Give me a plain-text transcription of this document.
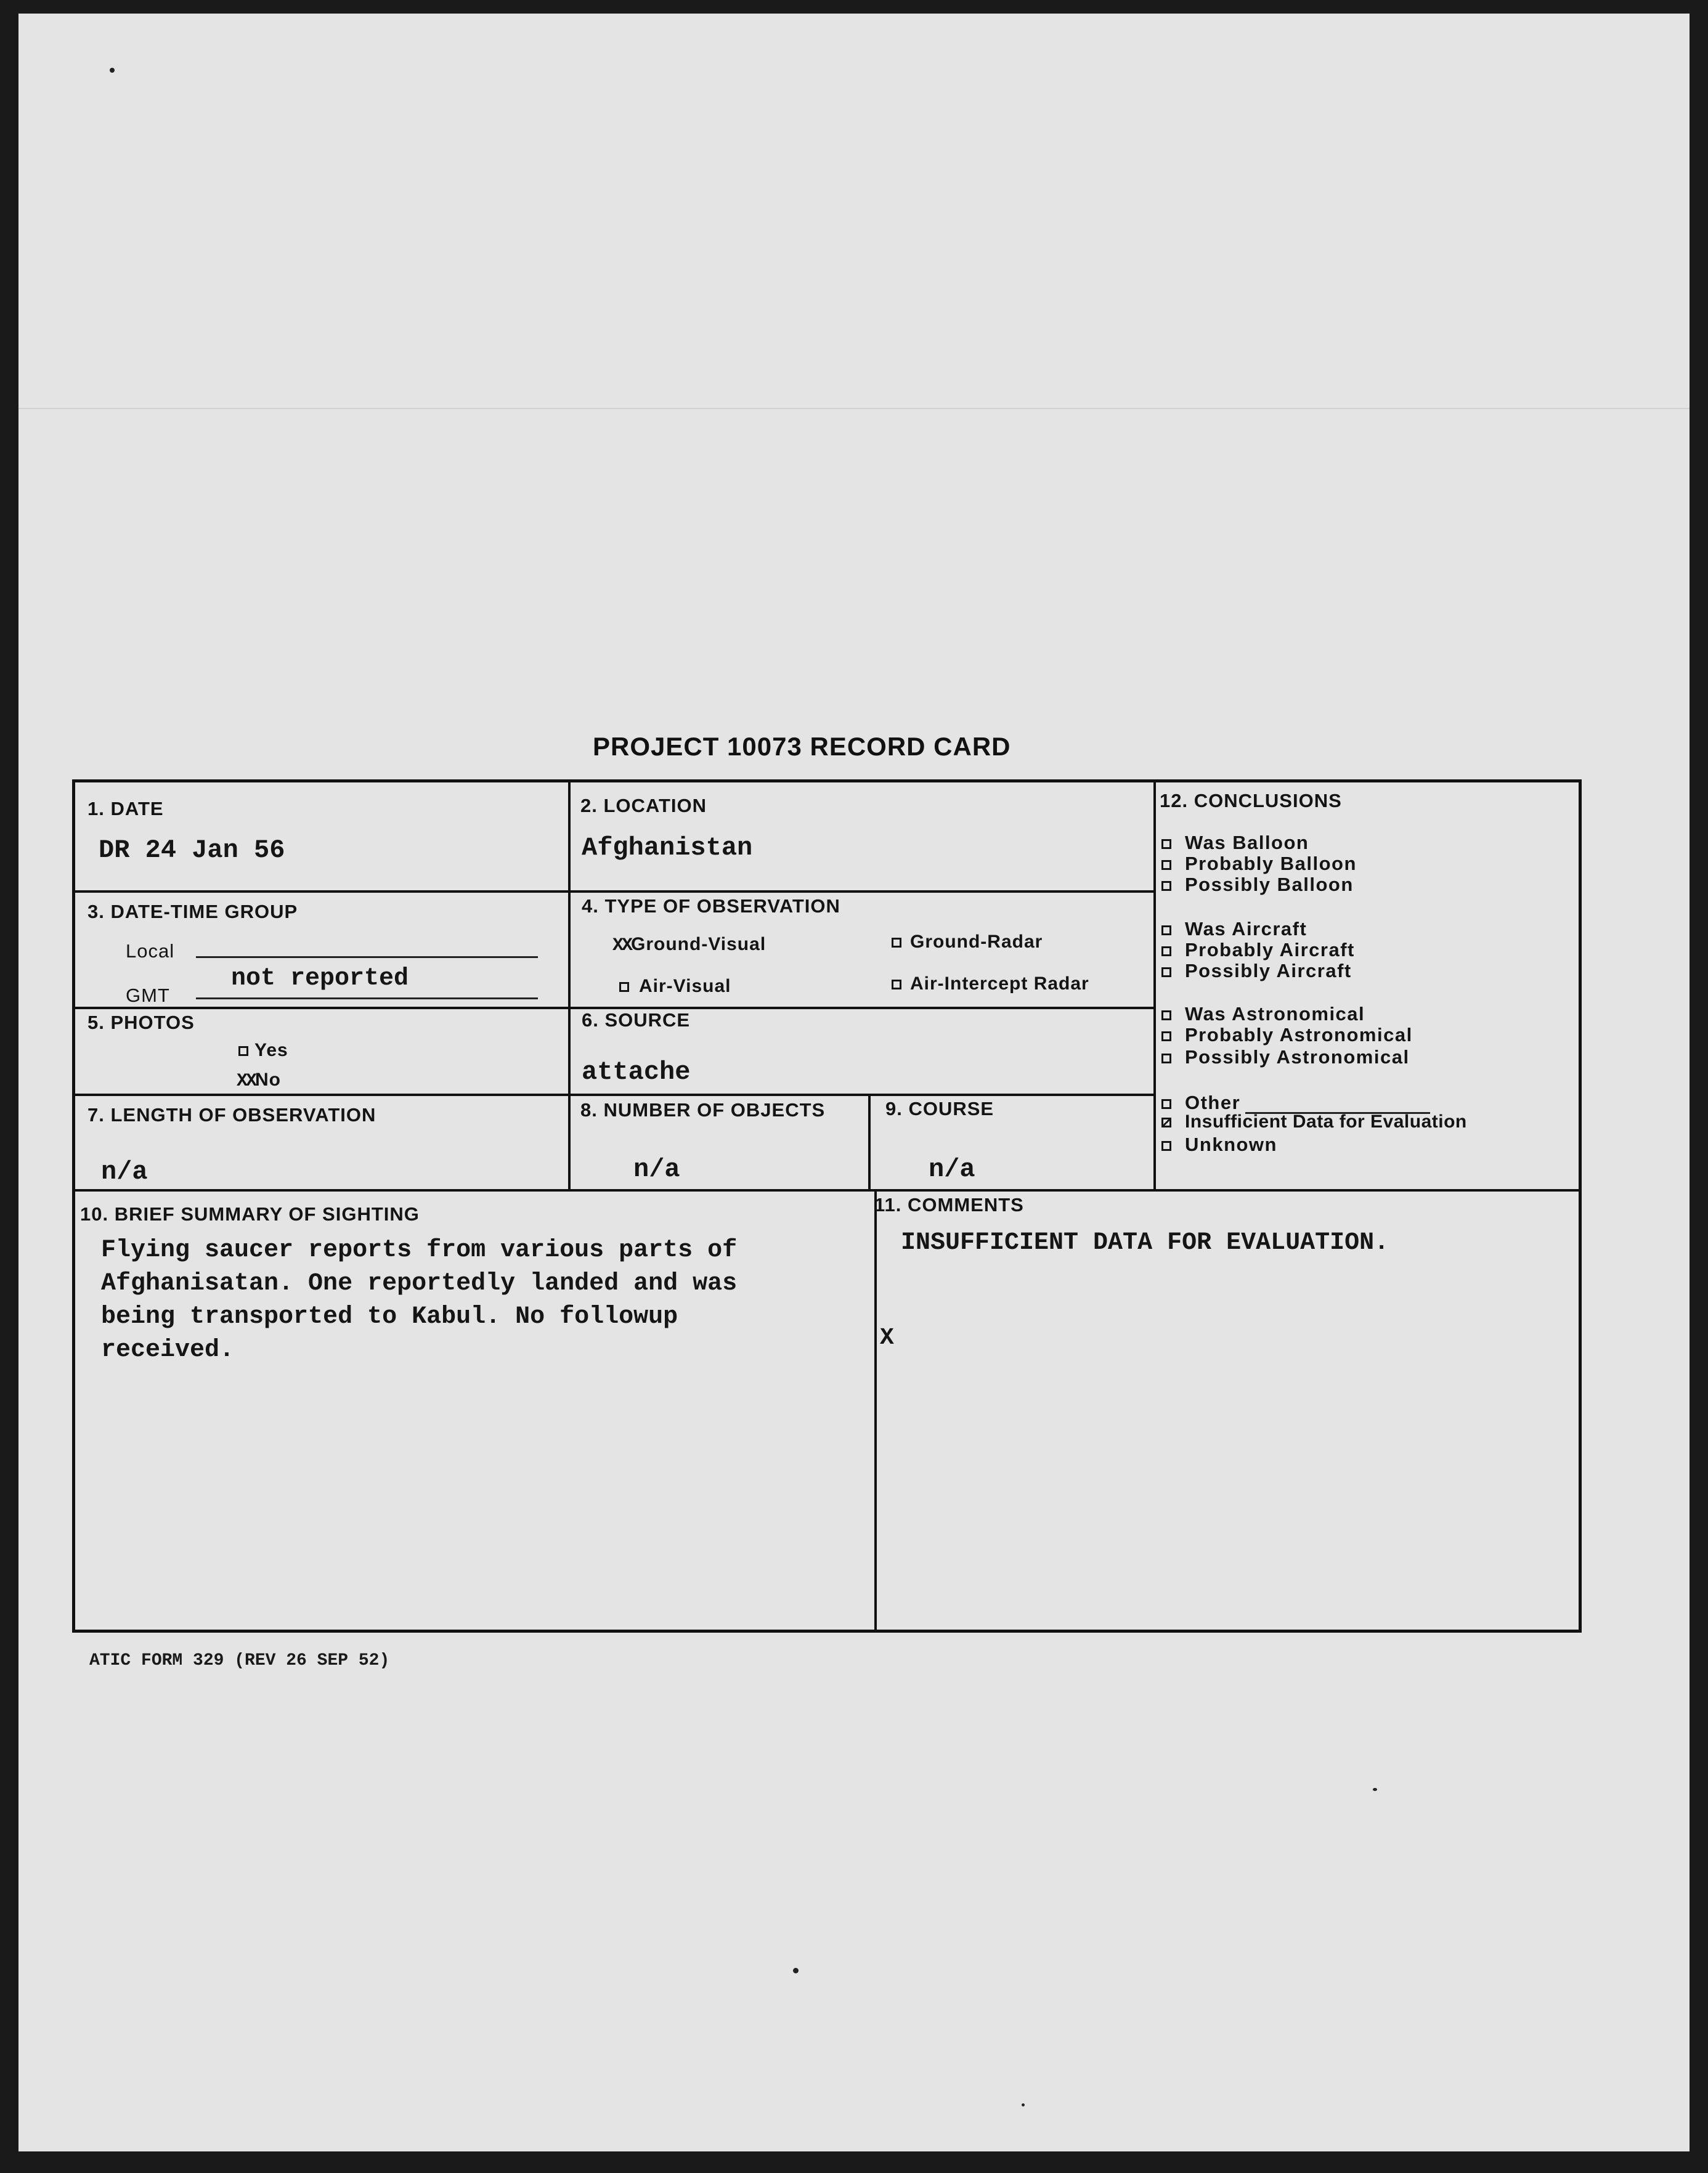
PROJECT 10073 RECORD CARD
1. DATE
DR 24 Jan 56
2. LOCATION
Afghanistan
3. DATE-TIME GROUP
Local
GMT
not reported
4. TYPE OF OBSERVATION
XXGround-Visual	Ground-Radar
Air-Visual	Air-Intercept Radar
5. PHOTOS
Yes
XXNo
6. SOURCE
attache
7. LENGTH OF OBSERVATION
n/a
8. NUMBER OF OBJECTS
n/a
9. COURSE
n/a
10. BRIEF SUMMARY OF SIGHTING
Flying saucer reports from various parts of
Afghanisatan. One reportedly landed and was
being transported to Kabul. No followup
received.
11. COMMENTS
INSUFFICIENT DATA FOR EVALUATION.
X
12. CONCLUSIONS
Was Balloon
Probably Balloon
Possibly Balloon
Was Aircraft
Probably Aircraft
Possibly Aircraft
Was Astronomical
Probably Astronomical
Possibly Astronomical
Other
Insufficient Data for Evaluation
Unknown
ATIC FORM 329 (REV 26 SEP 52)
